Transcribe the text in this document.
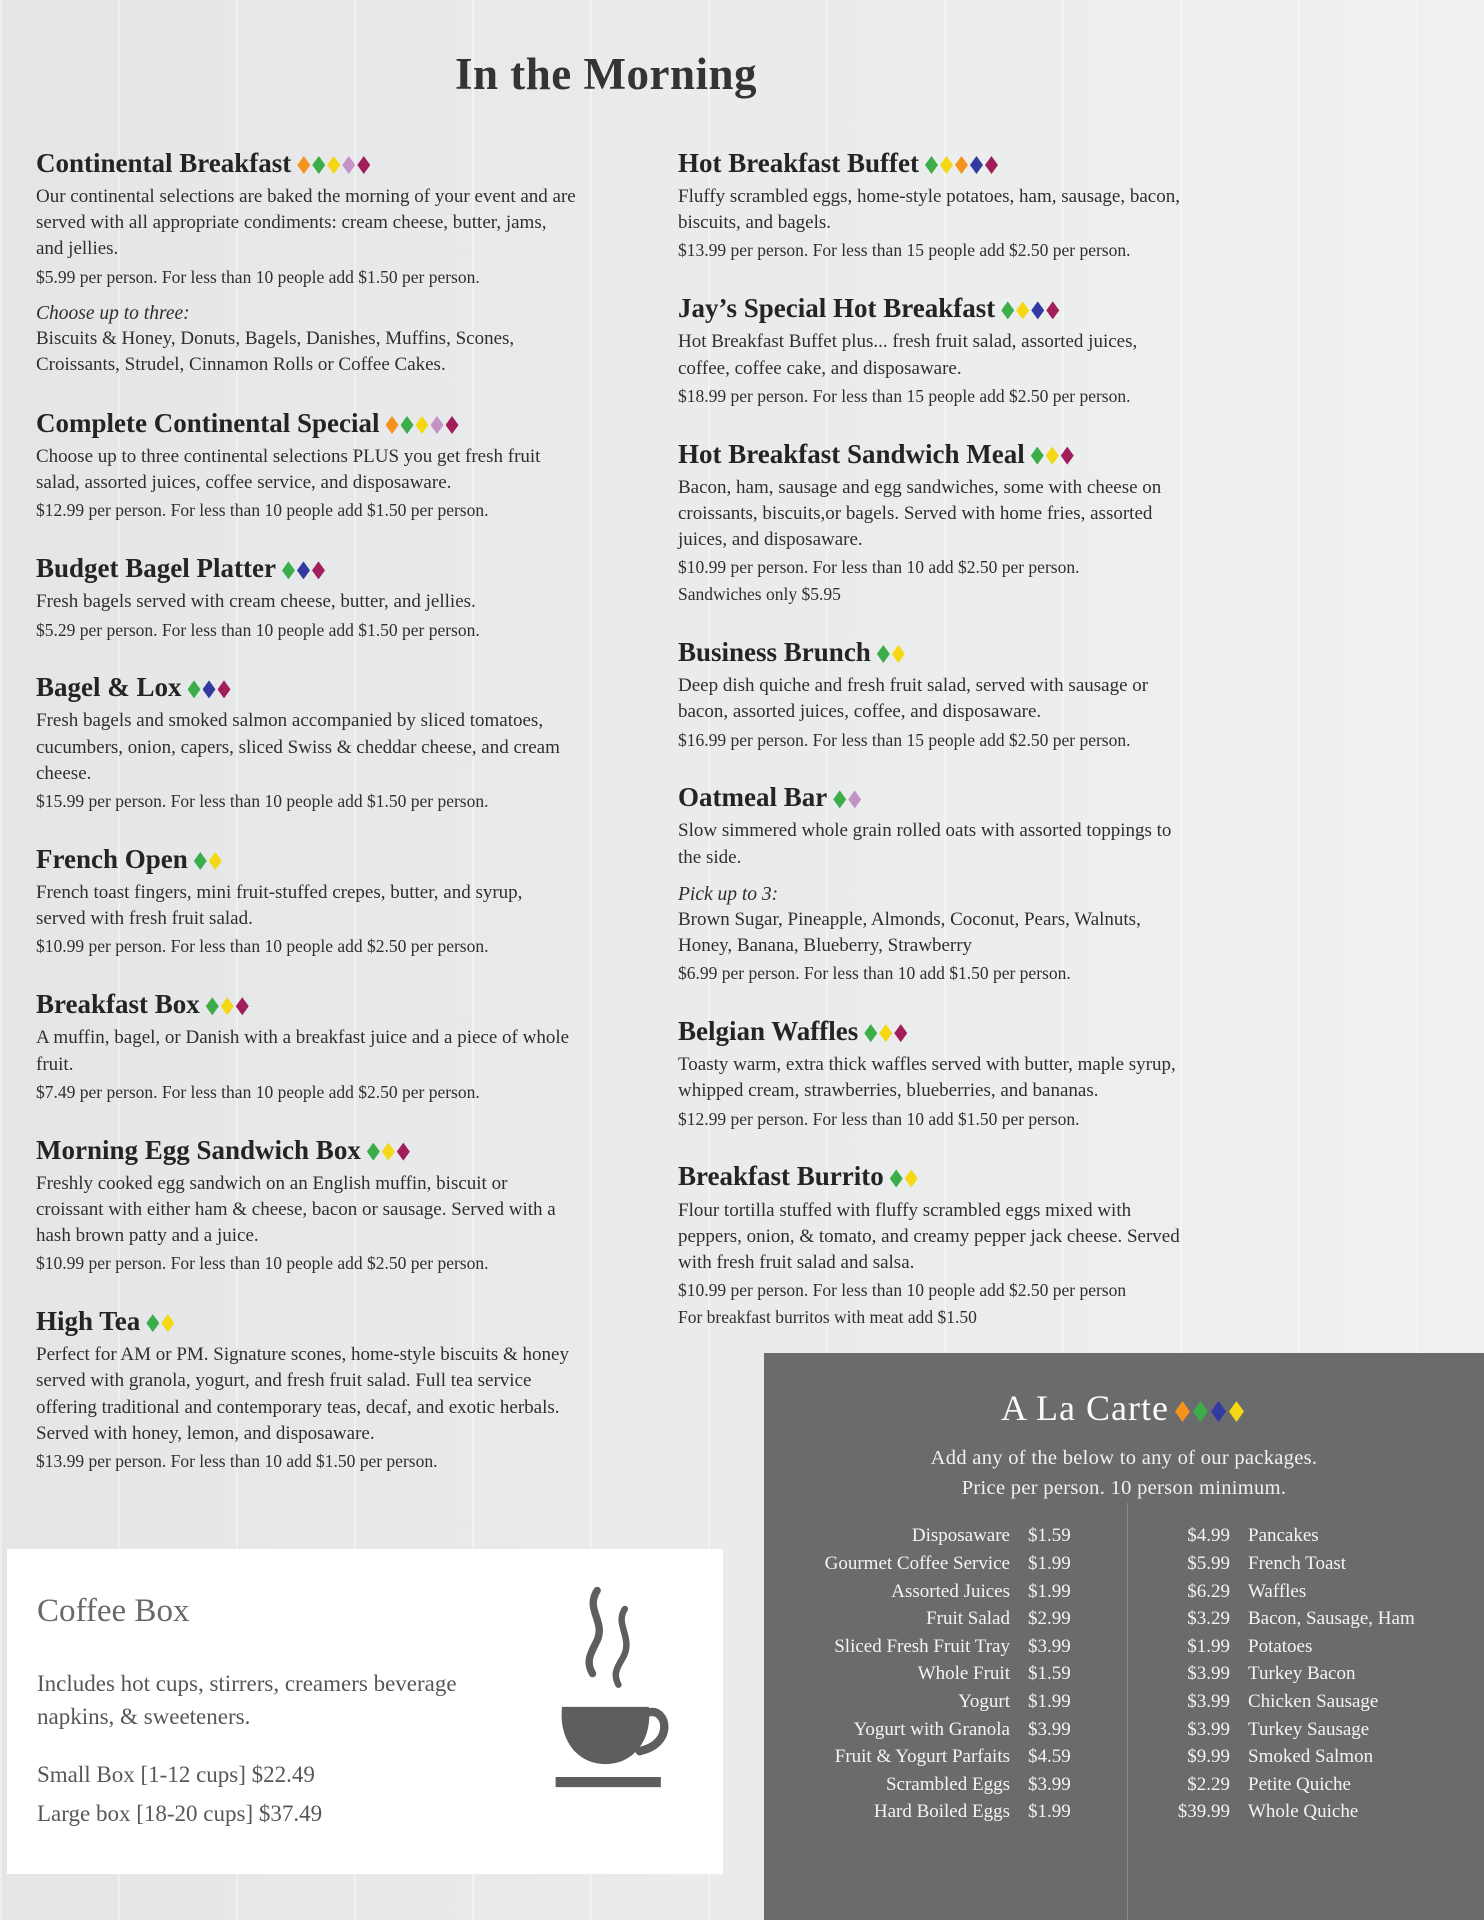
In the Morning
Continental Breakfast

Our continental selections are baked the morning of your event and are served with all appropriate condiments: cream cheese, butter, jams, and jellies.

$5.99 per person. For less than 10 people add $1.50 per person.

Choose up to three:

Biscuits & Honey, Donuts, Bagels, Danishes, Muffins, Scones, Croissants, Strudel, Cinnamon Rolls or Coffee Cakes.

Complete Continental Special

Choose up to three continental selections PLUS you get fresh fruit salad, assorted juices, coffee service, and disposaware.

$12.99 per person. For less than 10 people add $1.50 per person.

Budget Bagel Platter

Fresh bagels served with cream cheese, butter, and jellies.

$5.29 per person. For less than 10 people add $1.50 per person.

Bagel & Lox

Fresh bagels and smoked salmon accompanied by sliced tomatoes, cucumbers, onion, capers, sliced Swiss & cheddar cheese, and cream cheese.

$15.99 per person. For less than 10 people add $1.50 per person.

French Open

French toast fingers, mini fruit-stuffed crepes, butter, and syrup, served with fresh fruit salad.

$10.99 per person. For less than 10 people add $2.50 per person.

Breakfast Box

A muffin, bagel, or Danish with a breakfast juice and a piece of whole fruit.

$7.49 per person. For less than 10 people add $2.50 per person.

Morning Egg Sandwich Box

Freshly cooked egg sandwich on an English muffin, biscuit or croissant with either ham & cheese, bacon or sausage. Served with a hash brown patty and a juice.

$10.99 per person. For less than 10 people add $2.50 per person.

High Tea

Perfect for AM or PM. Signature scones, home-style biscuits & honey served with granola, yogurt, and fresh fruit salad. Full tea service offering traditional and contemporary teas, decaf, and exotic herbals. Served with honey, lemon, and disposaware.

$13.99 per person. For less than 10 add $1.50 per person.

Hot Breakfast Buffet

Fluffy scrambled eggs, home-style potatoes, ham, sausage, bacon, biscuits, and bagels.

$13.99 per person. For less than 15 people add $2.50 per person.

Jay’s Special Hot Breakfast

Hot Breakfast Buffet plus... fresh fruit salad, assorted juices, coffee, coffee cake, and disposaware.

$18.99 per person. For less than 15 people add $2.50 per person.

Hot Breakfast Sandwich Meal

Bacon, ham, sausage and egg sandwiches, some with cheese on croissants, biscuits,or bagels. Served with home fries, assorted juices, and disposaware.

$10.99 per person. For less than 10 add $2.50 per person.

Sandwiches only $5.95

Business Brunch

Deep dish quiche and fresh fruit salad, served with sausage or bacon, assorted juices, coffee, and disposaware.

$16.99 per person. For less than 15 people add $2.50 per person.

Oatmeal Bar

Slow simmered whole grain rolled oats with assorted toppings to the side.

Pick up to 3:

Brown Sugar, Pineapple, Almonds, Coconut, Pears, Walnuts, Honey, Banana, Blueberry, Strawberry

$6.99 per person. For less than 10 add $1.50 per person.

Belgian Waffles

Toasty warm, extra thick waffles served with butter, maple syrup, whipped cream, strawberries, blueberries, and bananas.

$12.99 per person. For less than 10 add $1.50 per person.

Breakfast Burrito

Flour tortilla stuffed with fluffy scrambled eggs mixed with peppers, onion, & tomato, and creamy pepper jack cheese. Served with fresh fruit salad and salsa.

$10.99 per person. For less than 10 people add $2.50 per person

For breakfast burritos with meat add $1.50

A La Carte

Add any of the below to any of our packages.

Price per person. 10 person minimum.

Disposaware $1.59
Gourmet Coffee Service $1.99
Assorted Juices $1.99
Fruit Salad $2.99
Sliced Fresh Fruit Tray $3.99
Whole Fruit $1.59
Yogurt $1.99
Yogurt with Granola $3.99
Fruit & Yogurt Parfaits $4.59
Scrambled Eggs $3.99
Hard Boiled Eggs $1.99
$4.99 Pancakes
$5.99 French Toast
$6.29 Waffles
$3.29 Bacon, Sausage, Ham
$1.99 Potatoes
$3.99 Turkey Bacon
$3.99 Chicken Sausage
$3.99 Turkey Sausage
$9.99 Smoked Salmon
$2.29 Petite Quiche
$39.99 Whole Quiche
Coffee Box

Includes hot cups, stirrers, creamers beverage napkins, & sweeteners.

Small Box [1-12 cups] $22.49

Large box [18-20 cups] $37.49
